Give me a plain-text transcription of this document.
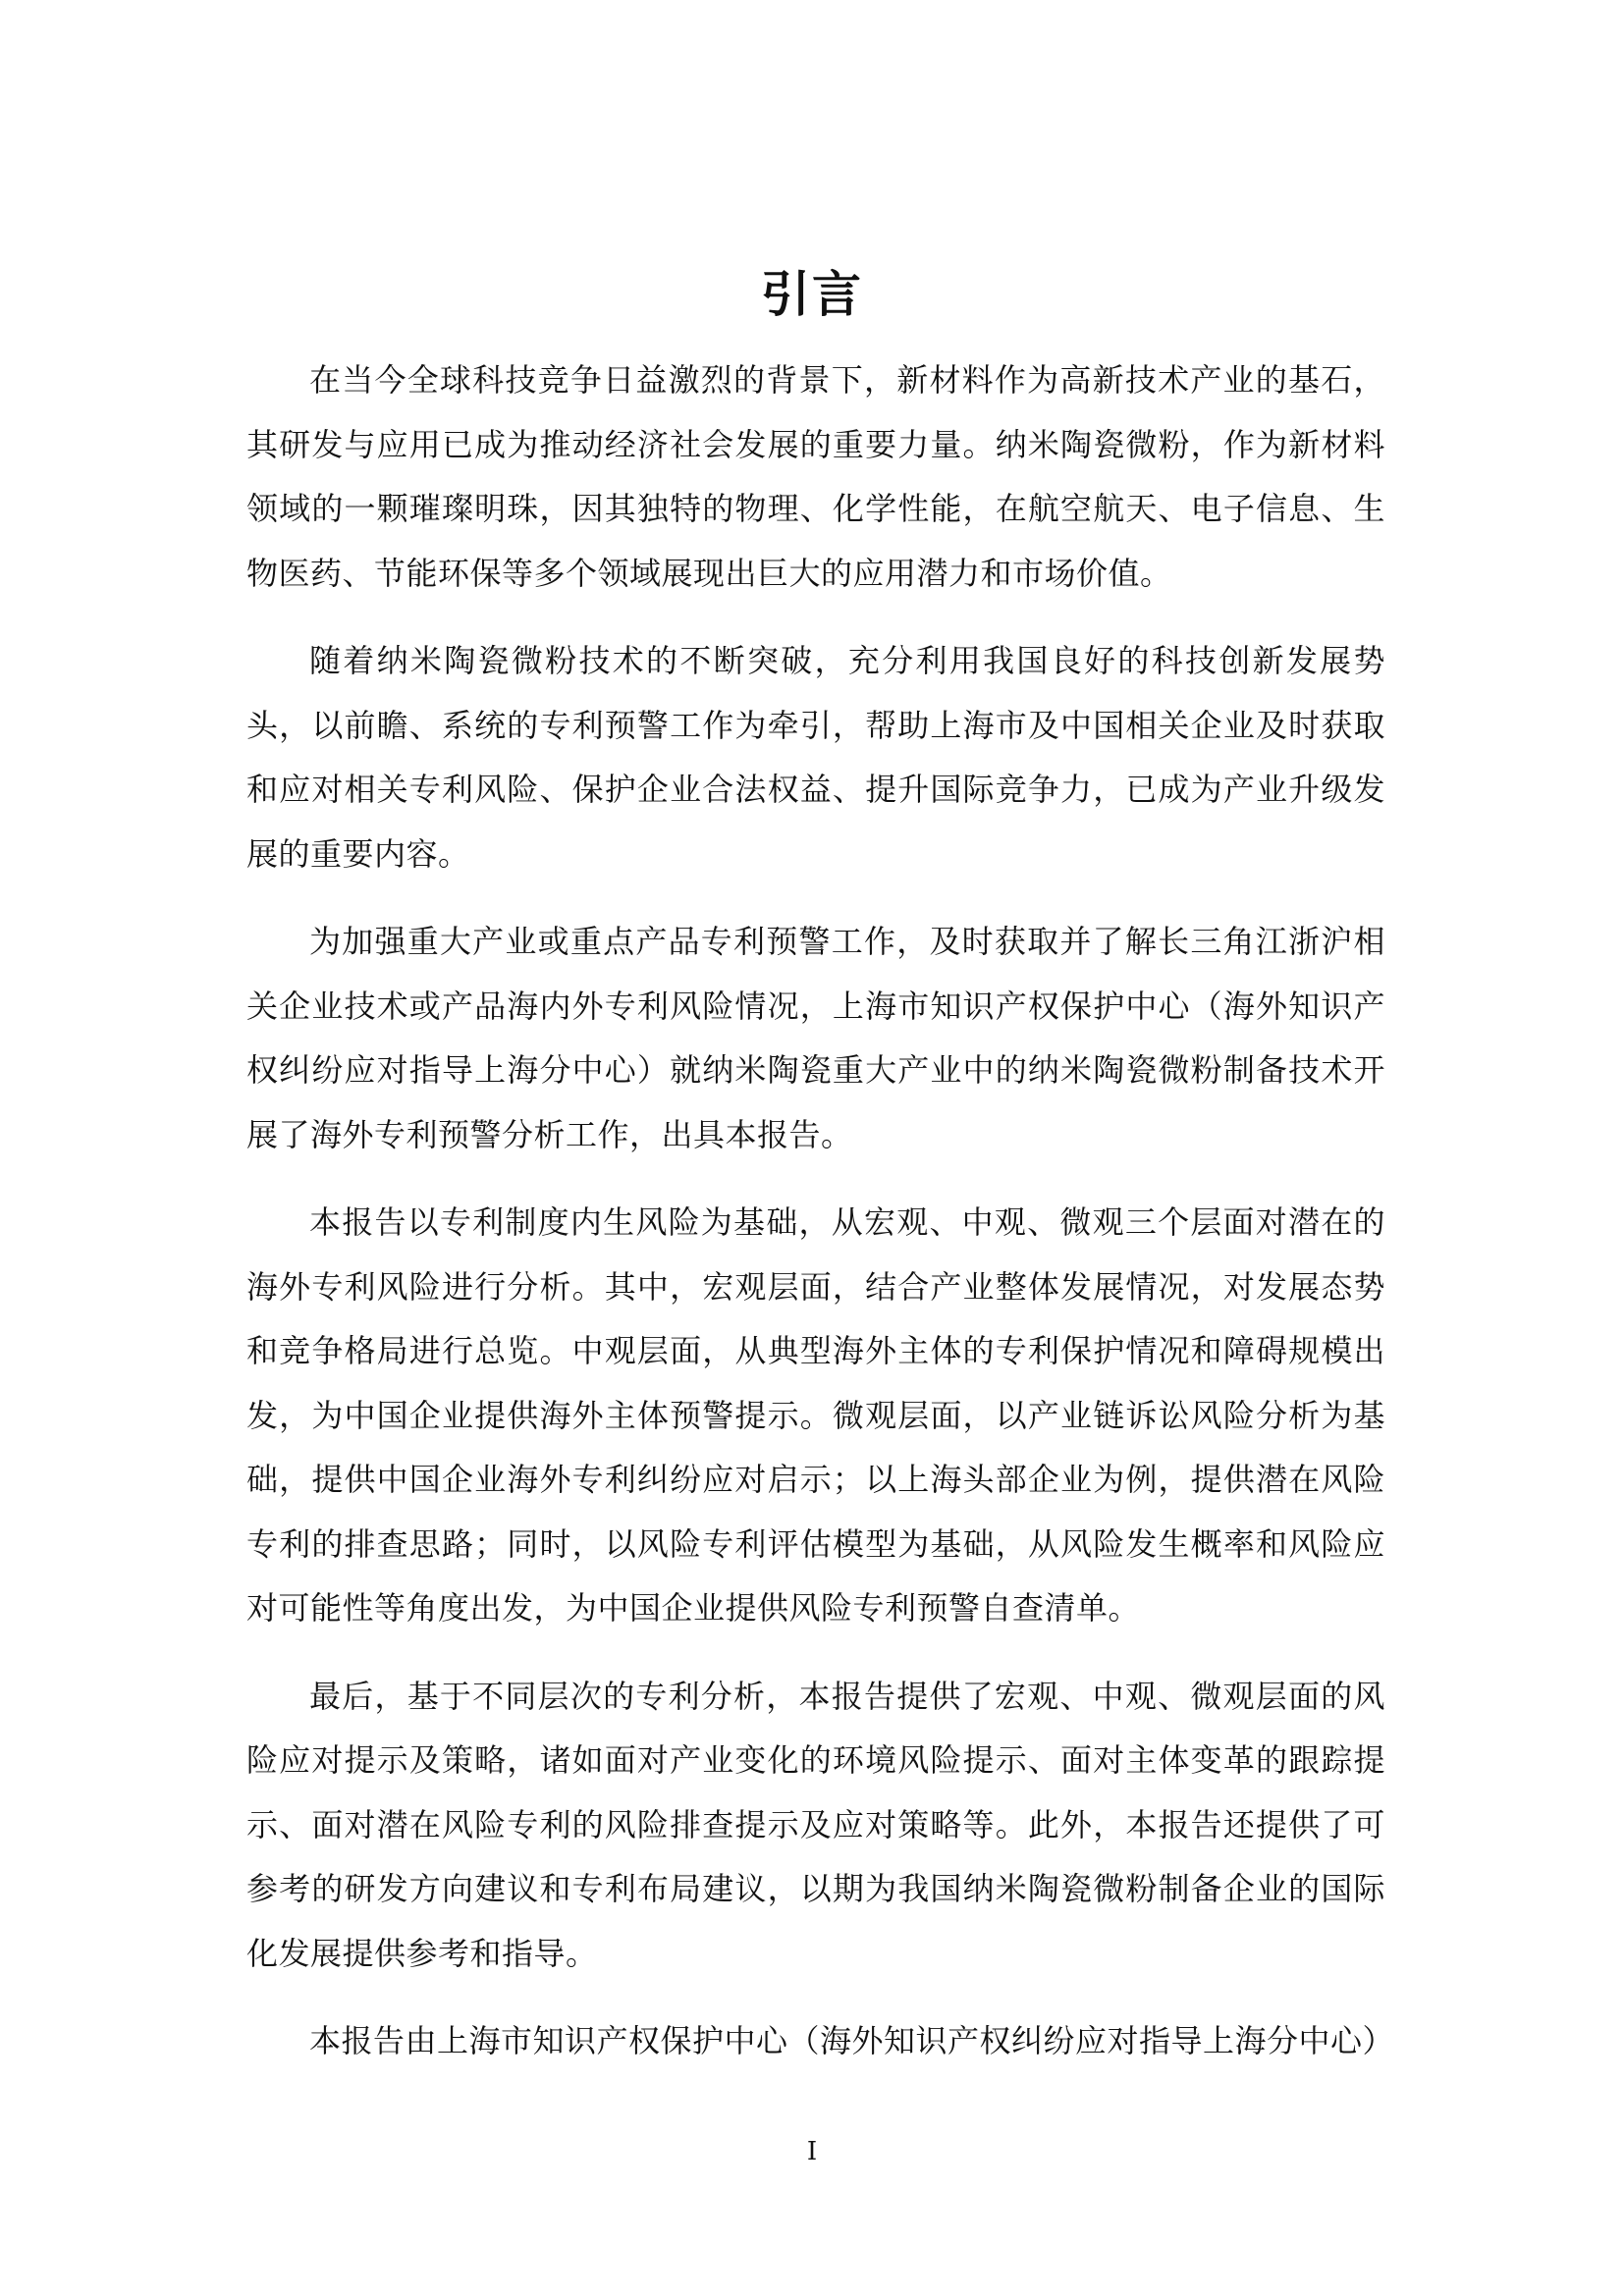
引言

在当今全球科技竞争日益激烈的背景下，新材料作为高新技术产业的基石，其研发与应用已成为推动经济社会发展的重要力量。纳米陶瓷微粉，作为新材料领域的一颗璀璨明珠，因其独特的物理、化学性能，在航空航天、电子信息、生物医药、节能环保等多个领域展现出巨大的应用潜力和市场价值。

随着纳米陶瓷微粉技术的不断突破，充分利用我国良好的科技创新发展势头，以前瞻、系统的专利预警工作为牵引，帮助上海市及中国相关企业及时获取和应对相关专利风险、保护企业合法权益、提升国际竞争力，已成为产业升级发展的重要内容。

为加强重大产业或重点产品专利预警工作，及时获取并了解长三角江浙沪相关企业技术或产品海内外专利风险情况，上海市知识产权保护中心（海外知识产权纠纷应对指导上海分中心）就纳米陶瓷重大产业中的纳米陶瓷微粉制备技术开展了海外专利预警分析工作，出具本报告。

本报告以专利制度内生风险为基础，从宏观、中观、微观三个层面对潜在的海外专利风险进行分析。其中，宏观层面，结合产业整体发展情况，对发展态势和竞争格局进行总览。中观层面，从典型海外主体的专利保护情况和障碍规模出发，为中国企业提供海外主体预警提示。微观层面，以产业链诉讼风险分析为基础，提供中国企业海外专利纠纷应对启示；以上海头部企业为例，提供潜在风险专利的排查思路；同时，以风险专利评估模型为基础，从风险发生概率和风险应对可能性等角度出发，为中国企业提供风险专利预警自查清单。

最后，基于不同层次的专利分析，本报告提供了宏观、中观、微观层面的风险应对提示及策略，诸如面对产业变化的环境风险提示、面对主体变革的跟踪提示、面对潜在风险专利的风险排查提示及应对策略等。此外，本报告还提供了可参考的研发方向建议和专利布局建议，以期为我国纳米陶瓷微粉制备企业的国际化发展提供参考和指导。

本报告由上海市知识产权保护中心（海外知识产权纠纷应对指导上海分中心）

I
